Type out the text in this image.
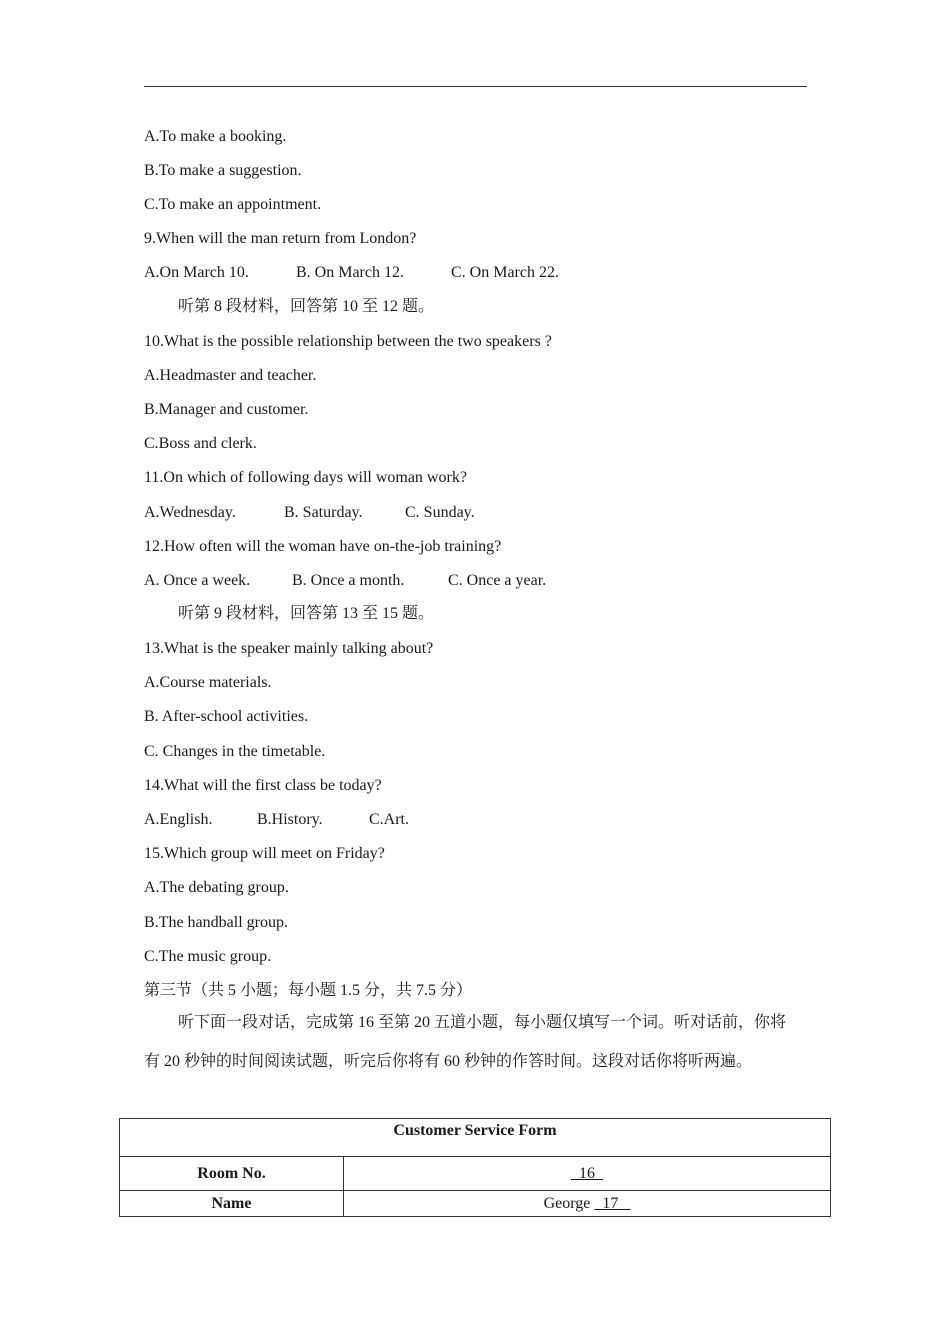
A.To make a booking.
B.To make a suggestion.
C.To make an appointment.
9.When will the man return from London?
A.On March 10.	B. On March 12.	C. On March 22.
听第 8 段材料，回答第 10 至 12 题。
10.What is the possible relationship between the two speakers ?
A.Headmaster and teacher.
B.Manager and customer.
C.Boss and clerk.
11.On which of following days will woman work?
A.Wednesday.	B. Saturday.	C. Sunday.
12.How often will the woman have on-the-job training?
A. Once a week.	B. Once a month.	C. Once a year.
听第 9 段材料，回答第 13 至 15 题。
13.What is the speaker mainly talking about?
A.Course materials.
B. After-school activities.
C. Changes in the timetable.
14.What will the first class be today?
A.English.	B.History.	C.Art.
15.Which group will meet on Friday?
A.The debating group.
B.The handball group.
C.The music group.
第三节（共 5 小题；每小题 1.5 分，共 7.5 分）
听下面一段对话，完成第 16 至第 20 五道小题，每小题仅填写一个词。听对话前，你将
有 20 秒钟的时间阅读试题，听完后你将有 60 秒钟的作答时间。这段对话你将听两遍。
Customer Service Form	
Room No.	16
Name	George   17
